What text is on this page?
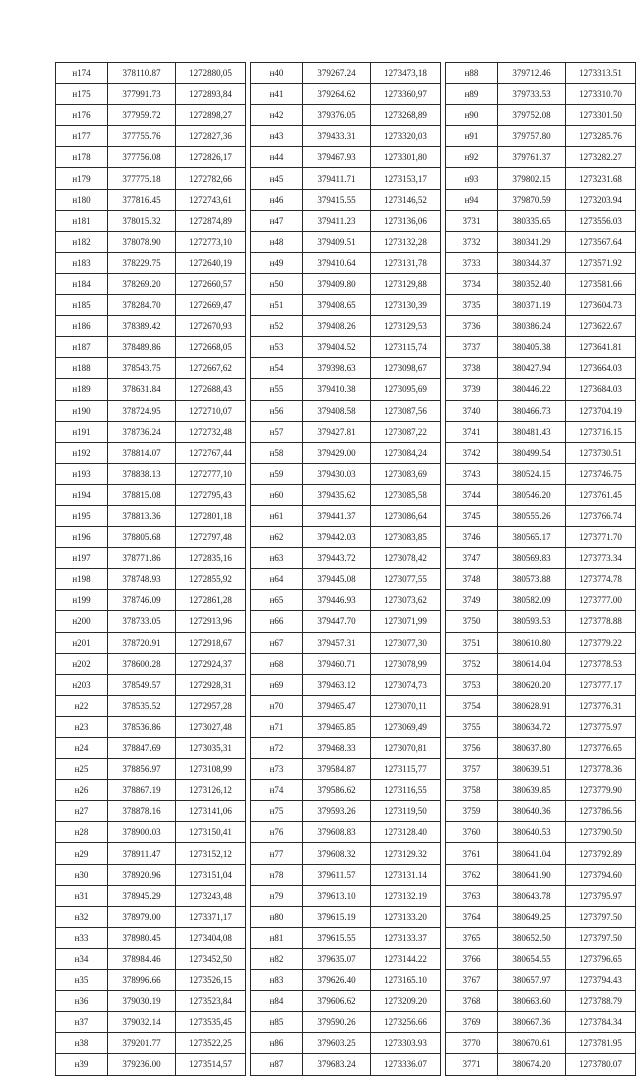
н174	378110.87	1272880,05		н40	379267.24	1273473,18		н88	379712.46	1273313.51
н175	377991.73	1272893,84		н41	379264.62	1273360,97		н89	379733.53	1273310.70
н176	377959.72	1272898,27		н42	379376.05	1273268,89		н90	379752.08	1273301.50
н177	377755.76	1272827,36		н43	379433.31	1273320,03		н91	379757.80	1273285.76
н178	377756.08	1272826,17		н44	379467.93	1273301,80		н92	379761.37	1273282.27
н179	377775.18	1272782,66		н45	379411.71	1273153,17		н93	379802.15	1273231.68
н180	377816.45	1272743,61		н46	379415.55	1273146,52		н94	379870.59	1273203.94
н181	378015.32	1272874,89		н47	379411.23	1273136,06		3731	380335.65	1273556.03
н182	378078.90	1272773,10		н48	379409.51	1273132,28		3732	380341.29	1273567.64
н183	378229.75	1272640,19		н49	379410.64	1273131,78		3733	380344.37	1273571.92
н184	378269.20	1272660,57		н50	379409.80	1273129,88		3734	380352.40	1273581.66
н185	378284.70	1272669,47		н51	379408.65	1273130,39		3735	380371.19	1273604.73
н186	378389.42	1272670,93		н52	379408.26	1273129,53		3736	380386.24	1273622.67
н187	378489.86	1272668,05		н53	379404.52	1273115,74		3737	380405.38	1273641.81
н188	378543.75	1272667,62		н54	379398.63	1273098,67		3738	380427.94	1273664.03
н189	378631.84	1272688,43		н55	379410.38	1273095,69		3739	380446.22	1273684.03
н190	378724.95	1272710,07		н56	379408.58	1273087,56		3740	380466.73	1273704.19
н191	378736.24	1272732,48		н57	379427.81	1273087,22		3741	380481.43	1273716.15
н192	378814.07	1272767,44		н58	379429.00	1273084,24		3742	380499.54	1273730.51
н193	378838.13	1272777,10		н59	379430.03	1273083,69		3743	380524.15	1273746.75
н194	378815.08	1272795,43		н60	379435.62	1273085,58		3744	380546.20	1273761.45
н195	378813.36	1272801,18		н61	379441.37	1273086,64		3745	380555.26	1273766.74
н196	378805.68	1272797,48		н62	379442.03	1273083,85		3746	380565.17	1273771.70
н197	378771.86	1272835,16		н63	379443.72	1273078,42		3747	380569.83	1273773.34
н198	378748.93	1272855,92		н64	379445.08	1273077,55		3748	380573.88	1273774.78
н199	378746.09	1272861,28		н65	379446.93	1273073,62		3749	380582.09	1273777.00
н200	378733.05	1272913,96		н66	379447.70	1273071,99		3750	380593.53	1273778.88
н201	378720.91	1272918,67		н67	379457.31	1273077,30		3751	380610.80	1273779.22
н202	378600.28	1272924,37		н68	379460.71	1273078,99		3752	380614.04	1273778.53
н203	378549.57	1272928,31		н69	379463.12	1273074,73		3753	380620.20	1273777.17
н22	378535.52	1272957,28		н70	379465.47	1273070,11		3754	380628.91	1273776.31
н23	378536.86	1273027,48		н71	379465.85	1273069,49		3755	380634.72	1273775.97
н24	378847.69	1273035,31		н72	379468.33	1273070,81		3756	380637.80	1273776.65
н25	378856.97	1273108,99		н73	379584.87	1273115,77		3757	380639.51	1273778.36
н26	378867.19	1273126,12		н74	379586.62	1273116,55		3758	380639.85	1273779.90
н27	378878.16	1273141,06		н75	379593.26	1273119,50		3759	380640.36	1273786.56
н28	378900.03	1273150,41		н76	379608.83	1273128.40		3760	380640.53	1273790.50
н29	378911.47	1273152,12		н77	379608.32	1273129.32		3761	380641.04	1273792.89
н30	378920.96	1273151,04		н78	379611.57	1273131.14		3762	380641.90	1273794.60
н31	378945.29	1273243,48		н79	379613.10	1273132.19		3763	380643.78	1273795.97
н32	378979.00	1273371,17		н80	379615.19	1273133.20		3764	380649.25	1273797.50
н33	378980.45	1273404,08		н81	379615.55	1273133.37		3765	380652.50	1273797.50
н34	378984.46	1273452,50		н82	379635.07	1273144.22		3766	380654.55	1273796.65
н35	378996.66	1273526,15		н83	379626.40	1273165.10		3767	380657.97	1273794.43
н36	379030.19	1273523,84		н84	379606.62	1273209.20		3768	380663.60	1273788.79
н37	379032.14	1273535,45		н85	379590.26	1273256.66		3769	380667.36	1273784.34
н38	379201.77	1273522,25		н86	379603.25	1273303.93		3770	380670.61	1273781.95
н39	379236.00	1273514,57		н87	379683.24	1273336.07		3771	380674.20	1273780.07
